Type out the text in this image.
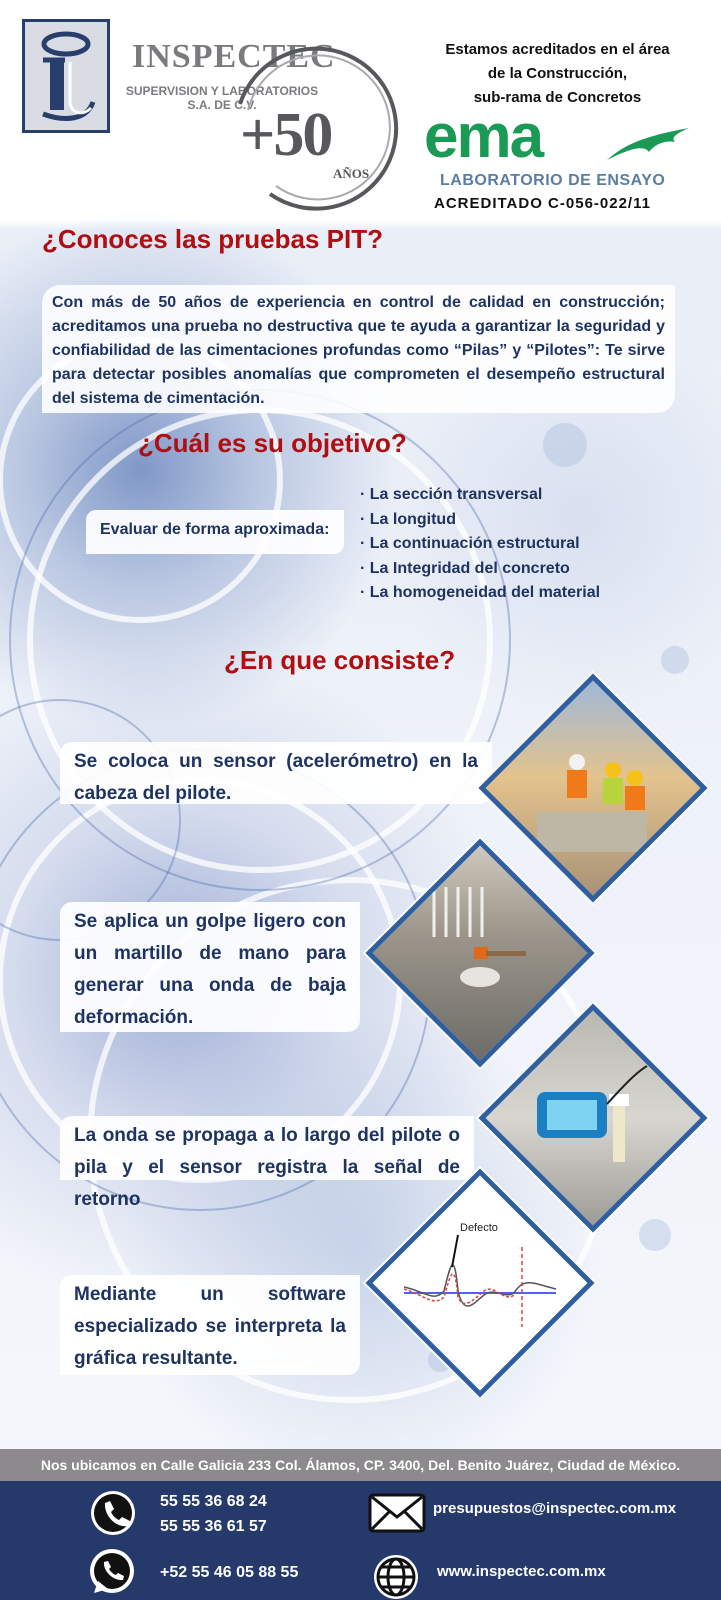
INSPECTEC
SUPERVISION Y LABORATORIOS
S.A. DE C.V.
+50
AÑOS
Estamos acreditados en el área
de la Construcción,
sub-rama de Concretos
ema
LABORATORIO DE ENSAYO
ACREDITADO C-056-022/11
¿Conoces las pruebas PIT?

Con más de 50 años de experiencia en control de calidad en construcción; acreditamos una prueba no destructiva que te ayuda a garantizar la seguridad y confiabilidad de las cimentaciones profundas como “Pilas” y “Pilotes”: Te sirve para detectar posibles anomalías que comprometen el desempeño estructural del sistema de cimentación.

¿Cuál es su objetivo?
Evaluar de forma aproximada:
· La sección transversal
· La longitud
· La continuación estructural
· La Integridad del concreto
· La homogeneidad del material
¿En que consiste?

Se coloca un sensor (acelerómetro) en la cabeza del pilote.

Se aplica un golpe ligero con un martillo de mano para generar una onda de baja deformación.

La onda se propaga a lo largo del pilote o pila y el sensor registra la señal de retorno

Mediante un software especializado se interpreta la gráfica resultante.

Defecto
Nos ubicamos en Calle Galicia 233 Col. Álamos, CP. 3400, Del. Benito Juárez, Ciudad de México.
55 55 36 68 24
55 55 36 61 57
presupuestos@inspectec.com.mx
+52 55 46 05 88 55	www.inspectec.com.mx
